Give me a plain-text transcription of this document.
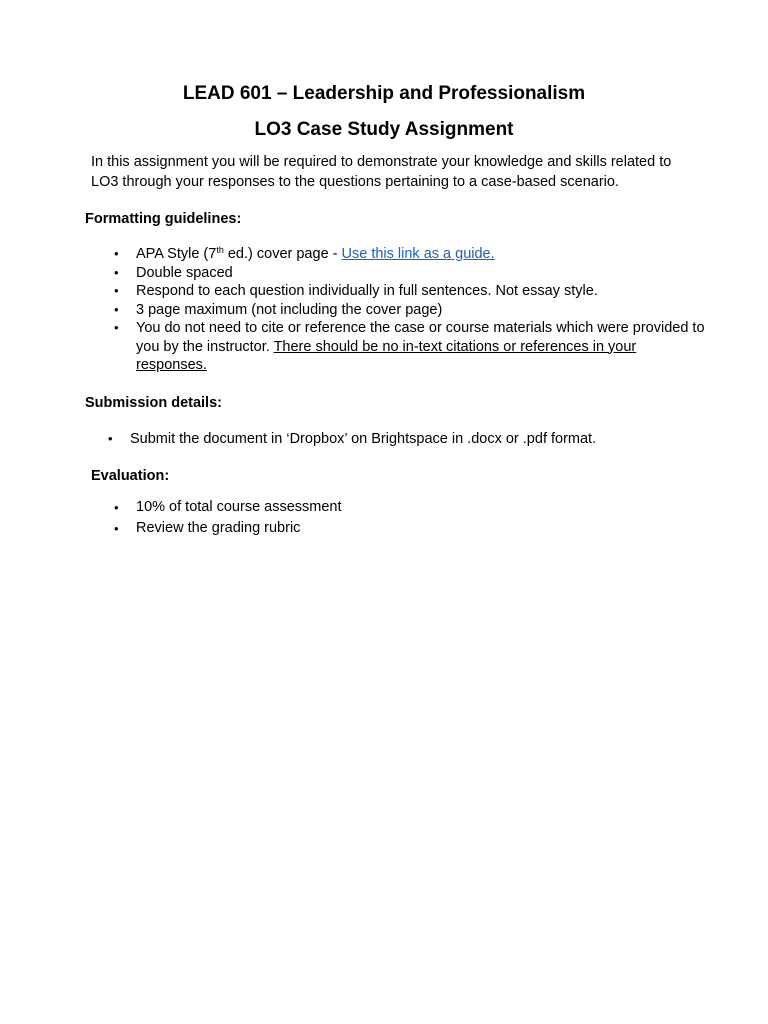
LEAD 601 – Leadership and Professionalism
LO3 Case Study Assignment

In this assignment you will be required to demonstrate your knowledge and skills related to LO3 through your responses to the questions pertaining to a case-based scenario.

Formatting guidelines:

• APA Style (7th ed.) cover page - Use this link as a guide.
• Double spaced
• Respond to each question individually in full sentences. Not essay style.
• 3 page maximum (not including the cover page)
• You do not need to cite or reference the case or course materials which were provided to you by the instructor. There should be no in-text citations or references in your responses.

Submission details:

• Submit the document in ‘Dropbox’ on Brightspace in .docx or .pdf format.

Evaluation:

• 10% of total course assessment
• Review the grading rubric
